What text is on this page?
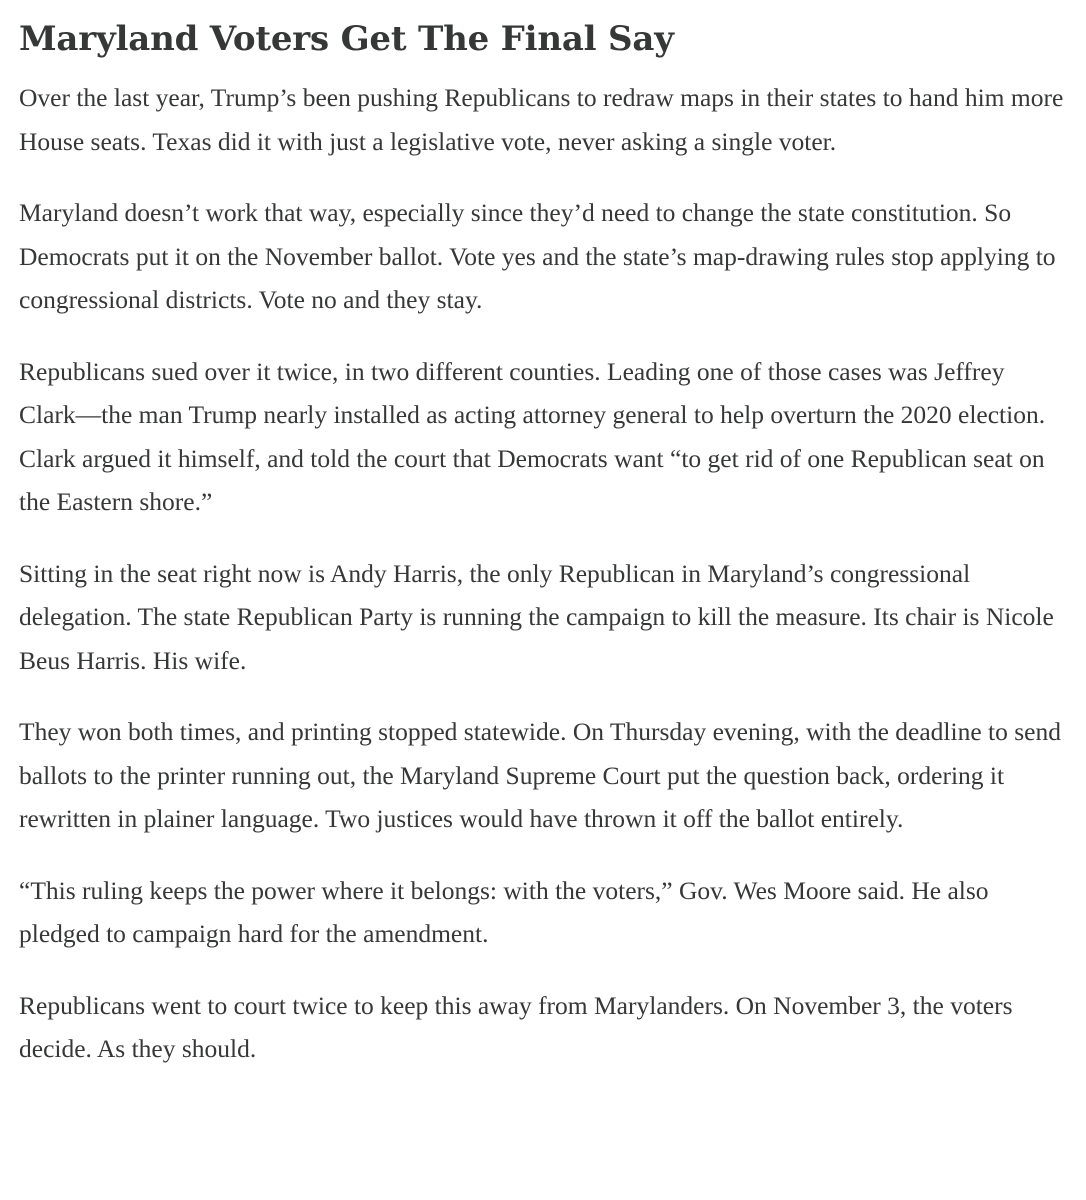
Maryland Voters Get The Final Say

Over the last year, Trump’s been pushing Republicans to redraw maps in their states to hand him more House seats. Texas did it with just a legislative vote, never asking a single voter.

Maryland doesn’t work that way, especially since they’d need to change the state constitution. So Democrats put it on the November ballot. Vote yes and the state’s map-drawing rules stop applying to congressional districts. Vote no and they stay.

Republicans sued over it twice, in two different counties. Leading one of those cases was Jeffrey Clark—the man Trump nearly installed as acting attorney general to help overturn the 2020 election. Clark argued it himself, and told the court that Democrats want “to get rid of one Republican seat on the Eastern shore.”

Sitting in the seat right now is Andy Harris, the only Republican in Maryland’s congressional delegation. The state Republican Party is running the campaign to kill the measure. Its chair is Nicole Beus Harris. His wife.

They won both times, and printing stopped statewide. On Thursday evening, with the deadline to send ballots to the printer running out, the Maryland Supreme Court put the question back, ordering it rewritten in plainer language. Two justices would have thrown it off the ballot entirely.

“This ruling keeps the power where it belongs: with the voters,” Gov. Wes Moore said. He also pledged to campaign hard for the amendment.

Republicans went to court twice to keep this away from Marylanders. On November 3, the voters decide. As they should.
